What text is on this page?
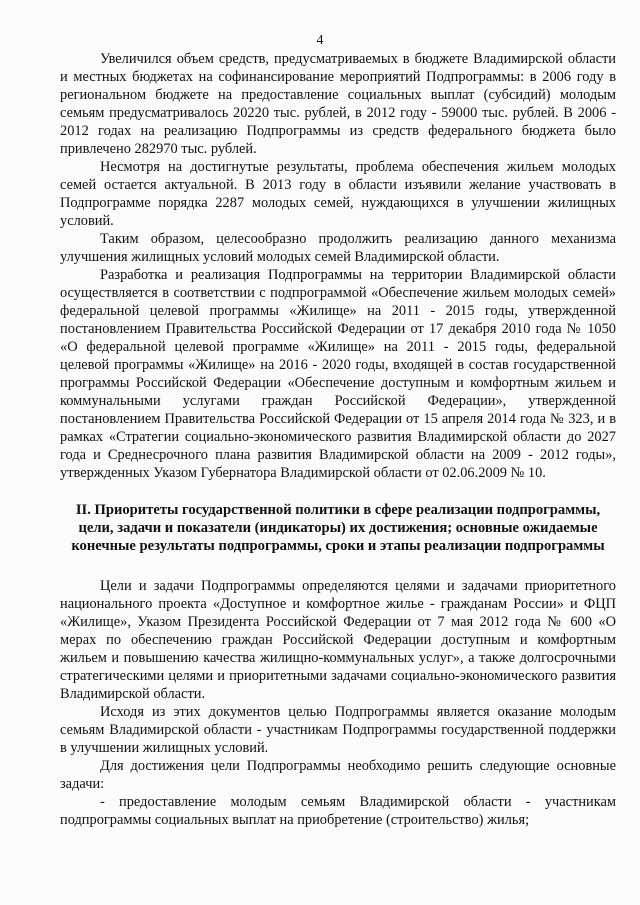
4

Увеличился объем средств, предусматриваемых в бюджете Владимирской области и местных бюджетах на софинансирование мероприятий Подпрограммы: в 2006 году в региональном бюджете на предоставление социальных выплат (субсидий) молодым семьям предусматривалось 20220 тыс. рублей, в 2012 году - 59000 тыс. рублей. В 2006 - 2012 годах на реализацию Подпрограммы из средств федерального бюджета было привлечено 282970 тыс. рублей.

Несмотря на достигнутые результаты, проблема обеспечения жильем молодых семей остается актуальной. В 2013 году в области изъявили желание участвовать в Подпрограмме порядка 2287 молодых семей, нуждающихся в улучшении жилищных условий.

Таким образом, целесообразно продолжить реализацию данного механизма улучшения жилищных условий молодых семей Владимирской области.

Разработка и реализация Подпрограммы на территории Владимирской области осуществляется в соответствии с подпрограммой «Обеспечение жильем молодых семей» федеральной целевой программы «Жилище» на 2011 - 2015 годы, утвержденной постановлением Правительства Российской Федерации от 17 декабря 2010 года № 1050 «О федеральной целевой программе «Жилище» на 2011 - 2015 годы, федеральной целевой программы «Жилище» на 2016 - 2020 годы, входящей в состав государственной программы Российской Федерации «Обеспечение доступным и комфортным жильем и коммунальными услугами граждан Российской Федерации», утвержденной постановлением Правительства Российской Федерации от 15 апреля 2014 года № 323, и в рамках «Стратегии социально-экономического развития Владимирской области до 2027 года и Среднесрочного плана развития Владимирской области на 2009 - 2012 годы», утвержденных Указом Губернатора Владимирской области от 02.06.2009 № 10.

II. Приоритеты государственной политики в сфере реализации подпрограммы, цели, задачи и показатели (индикаторы) их достижения; основные ожидаемые конечные результаты подпрограммы, сроки и этапы реализации подпрограммы

Цели и задачи Подпрограммы определяются целями и задачами приоритетного национального проекта «Доступное и комфортное жилье - гражданам России» и ФЦП «Жилище», Указом Президента Российской Федерации от 7 мая 2012 года № 600 «О мерах по обеспечению граждан Российской Федерации доступным и комфортным жильем и повышению качества жилищно-коммунальных услуг», а также долгосрочными стратегическими целями и приоритетными задачами социально-экономического развития Владимирской области.

Исходя из этих документов целью Подпрограммы является оказание молодым семьям Владимирской области - участникам Подпрограммы государственной поддержки в улучшении жилищных условий.

Для достижения цели Подпрограммы необходимо решить следующие основные задачи:

- предоставление молодым семьям Владимирской области - участникам подпрограммы социальных выплат на приобретение (строительство) жилья;
